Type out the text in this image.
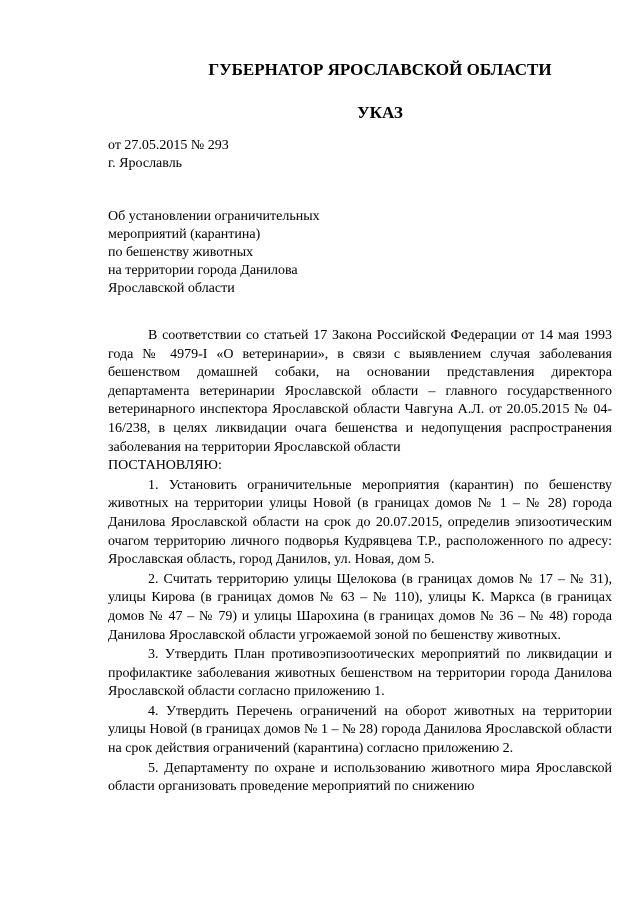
ГУБЕРНАТОР ЯРОСЛАВСКОЙ ОБЛАСТИ
УКАЗ
от 27.05.2015 № 293
г. Ярославль
Об установлении ограничительных
мероприятий (карантина)
по бешенству животных
на территории города Данилова
Ярославской области

В соответствии со статьей 17 Закона Российской Федерации от 14 мая 1993 года № 4979-I «О ветеринарии», в связи с выявлением случая заболевания бешенством домашней собаки, на основании представления директора департамента ветеринарии Ярославской области – главного государственного ветеринарного инспектора Ярославской области Чавгуна А.Л. от 20.05.2015 № 04-16/238, в целях ликвидации очага бешенства и недопущения распространения заболевания на территории Ярославской области

ПОСТАНОВЛЯЮ:

1. Установить ограничительные мероприятия (карантин) по бешенству животных на территории улицы Новой (в границах домов № 1 – № 28) города Данилова Ярославской области на срок до 20.07.2015, определив эпизоотическим очагом территорию личного подворья Кудрявцева Т.Р., расположенного по адресу: Ярославская область, город Данилов, ул. Новая, дом 5.

2. Считать территорию улицы Щелокова (в границах домов № 17 – № 31), улицы Кирова (в границах домов № 63 – № 110), улицы К. Маркса (в границах домов № 47 – № 79) и улицы Шарохина (в границах домов № 36 – № 48) города Данилова Ярославской области угрожаемой зоной по бешенству животных.

3. Утвердить План противоэпизоотических мероприятий по ликвидации и профилактике заболевания животных бешенством на территории города Данилова Ярославской области согласно приложению 1.

4. Утвердить Перечень ограничений на оборот животных на территории улицы Новой (в границах домов № 1 – № 28) города Данилова Ярославской области на срок действия ограничений (карантина) согласно приложению 2.

5. Департаменту по охране и использованию животного мира Ярославской области организовать проведение мероприятий по снижению
